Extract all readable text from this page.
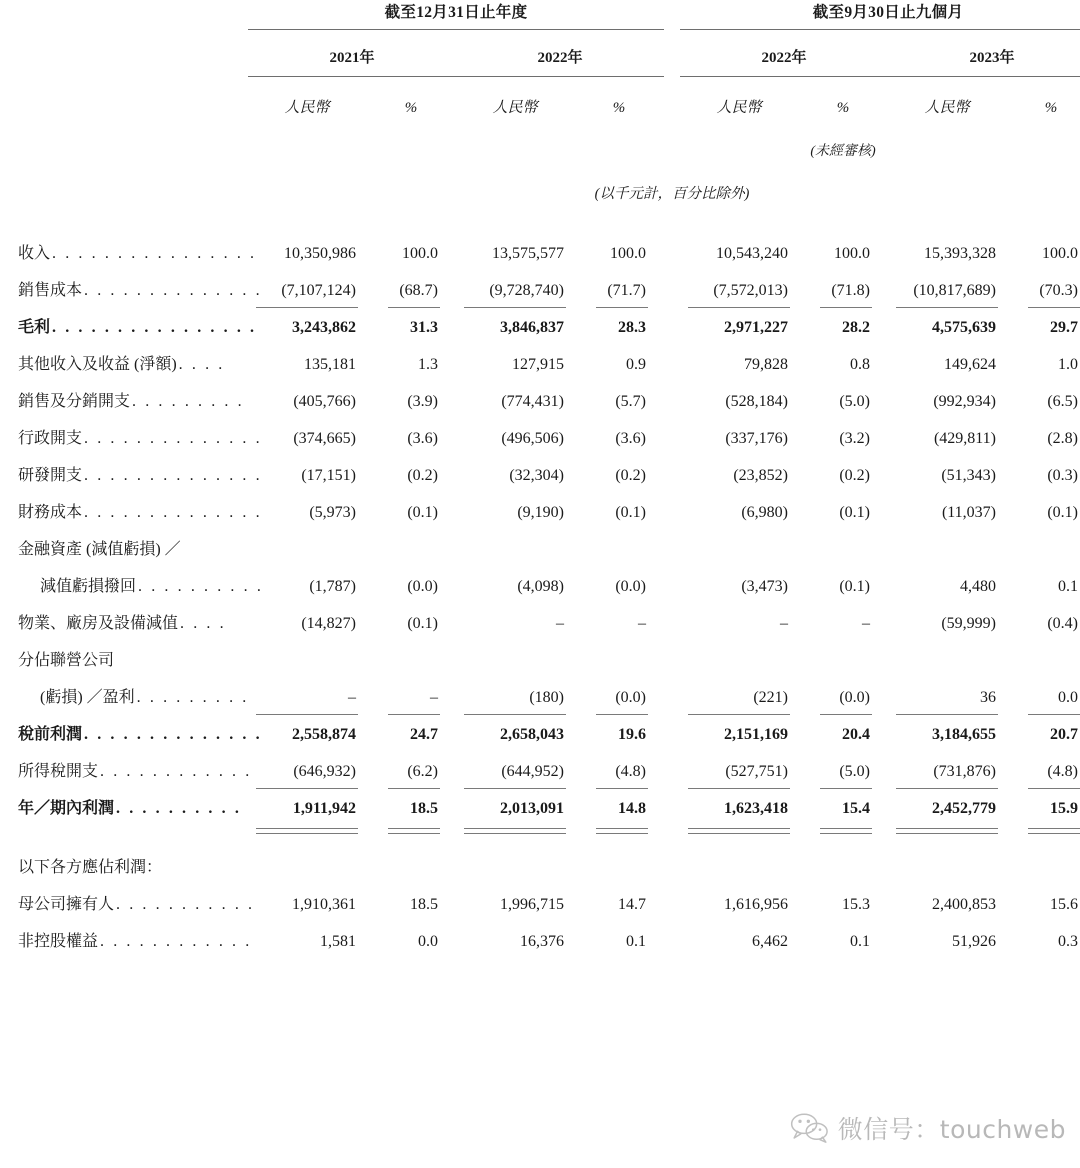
	截至12月31日止年度					截至9月30日止九個月			

	2021年		2022年			2022年		2023年	

	人民幣	%	人民幣	%		人民幣	%	人民幣	%
							(未經審核)		
	(以千元計，百分比除外)								
收入 . . . . . . . . . . . . . . . .	10,350,986	100.0	13,575,577	100.0		10,543,240	100.0	15,393,328	100.0
銷售成本 . . . . . . . . . . . . . .	(7,107,124)	(68.7)	(9,728,740)	(71.7)		(7,572,013)	(71.8)	(10,817,689)	(70.3)
毛利 . . . . . . . . . . . . . . . .	3,243,862	31.3	3,846,837	28.3		2,971,227	28.2	4,575,639	29.7
其他收入及收益 (淨額) . . . .	135,181	1.3	127,915	0.9		79,828	0.8	149,624	1.0
銷售及分銷開支 . . . . . . . . .	(405,766)	(3.9)	(774,431)	(5.7)		(528,184)	(5.0)	(992,934)	(6.5)
行政開支 . . . . . . . . . . . . . .	(374,665)	(3.6)	(496,506)	(3.6)		(337,176)	(3.2)	(429,811)	(2.8)
研發開支 . . . . . . . . . . . . . .	(17,151)	(0.2)	(32,304)	(0.2)		(23,852)	(0.2)	(51,343)	(0.3)
財務成本 . . . . . . . . . . . . . .	(5,973)	(0.1)	(9,190)	(0.1)		(6,980)	(0.1)	(11,037)	(0.1)
金融資產 (減值虧損) ／									
減值虧損撥回 . . . . . . . . . .	(1,787)	(0.0)	(4,098)	(0.0)		(3,473)	(0.1)	4,480	0.1
物業、廠房及設備減值 . . . .	(14,827)	(0.1)	–	–		–	–	(59,999)	(0.4)
分佔聯營公司									
(虧損) ／盈利 . . . . . . . . .	–	–	(180)	(0.0)		(221)	(0.0)	36	0.0
稅前利潤 . . . . . . . . . . . . . .	2,558,874	24.7	2,658,043	19.6		2,151,169	20.4	3,184,655	20.7
所得稅開支 . . . . . . . . . . . .	(646,932)	(6.2)	(644,952)	(4.8)		(527,751)	(5.0)	(731,876)	(4.8)
年／期內利潤 . . . . . . . . . .	1,911,942	18.5	2,013,091	14.8		1,623,418	15.4	2,452,779	15.9

以下各方應佔利潤：									
母公司擁有人 . . . . . . . . . . .	1,910,361	18.5	1,996,715	14.7		1,616,956	15.3	2,400,853	15.6
非控股權益 . . . . . . . . . . . .	1,581	0.0	16,376	0.1		6,462	0.1	51,926	0.3
微信号：touchweb
